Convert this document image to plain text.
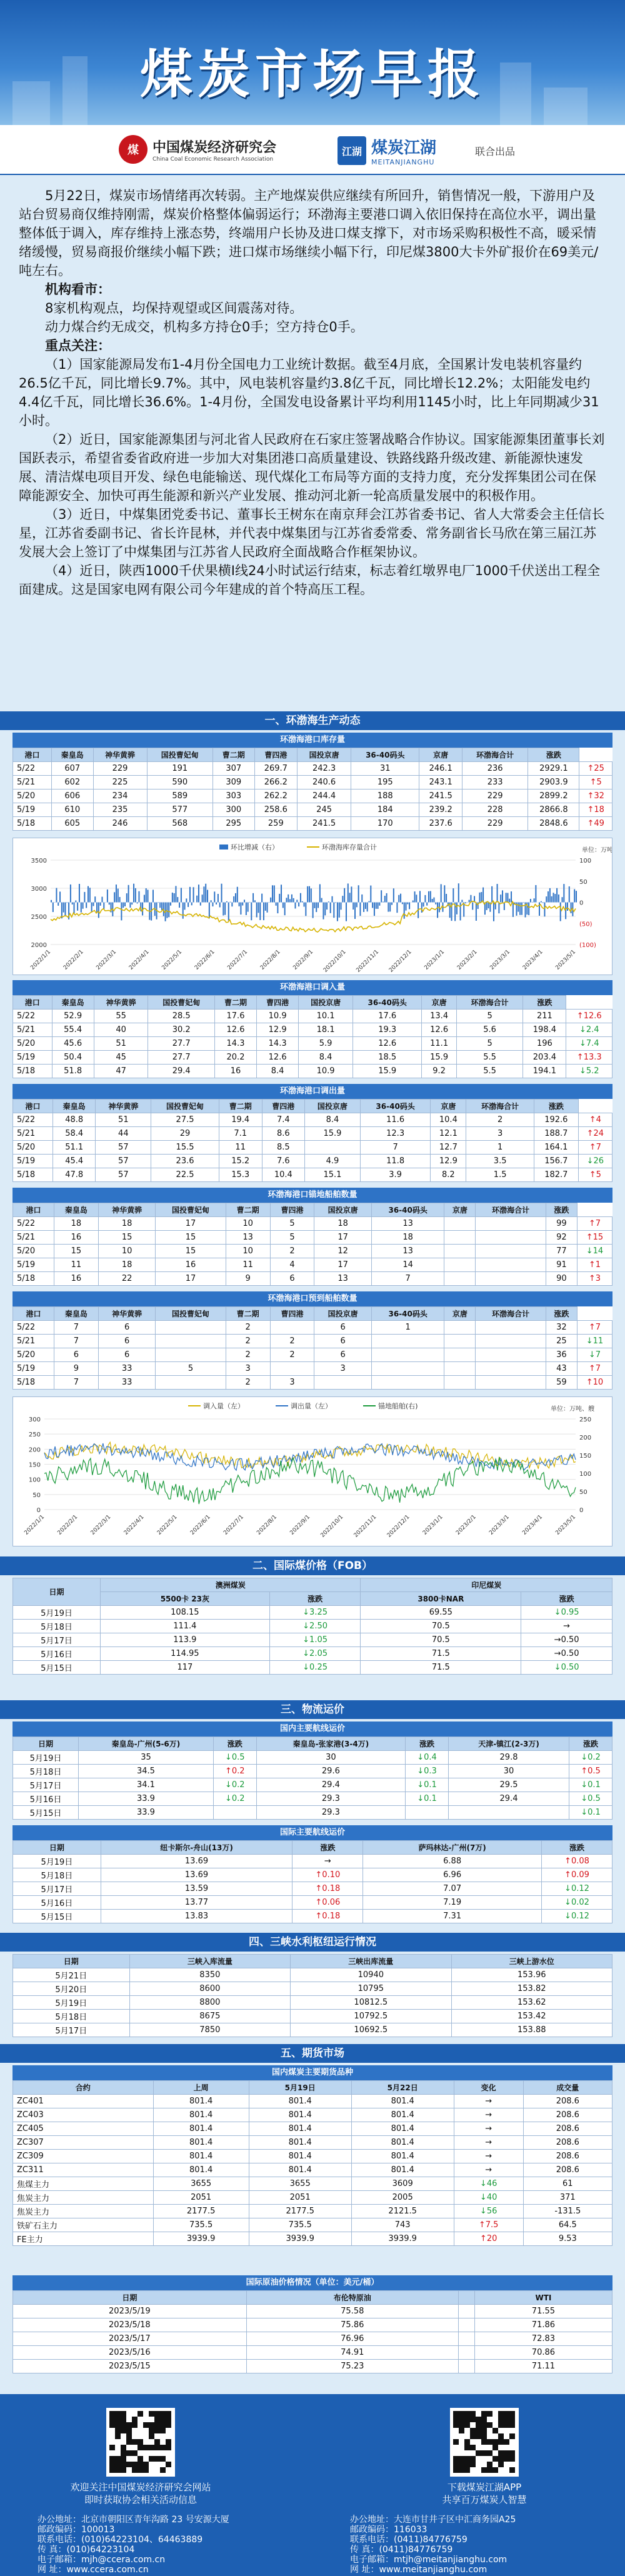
煤炭市场早报
煤	中国煤炭经济研究会
China Coal Economic Research Association
江湖 煤炭江湖
MEITANJIANGHU
联合出品

5月22日，煤炭市场情绪再次转弱。主产地煤炭供应继续有所回升，销售情况一般，下游用户及站台贸易商仅维持刚需，煤炭价格整体偏弱运行；环渤海主要港口调入依旧保持在高位水平，调出量整体低于调入，库存维持上涨态势，终端用户长协及进口煤支撑下，对市场采购积极性不高，暖采情绪缓慢，贸易商报价继续小幅下跌；进口煤市场继续小幅下行，印尼煤3800大卡外矿报价在69美元/吨左右。

机构看市：

8家机构观点，均保持观望或区间震荡对待。

动力煤合约无成交，机构多方持仓0手；空方持仓0手。

重点关注：

（1）国家能源局发布1-4月份全国电力工业统计数据。截至4月底，全国累计发电装机容量约26.5亿千瓦，同比增长9.7%。其中，风电装机容量约3.8亿千瓦，同比增长12.2%；太阳能发电约4.4亿千瓦，同比增长36.6%。1-4月份，全国发电设备累计平均利用1145小时，比上年同期减少31小时。

（2）近日，国家能源集团与河北省人民政府在石家庄签署战略合作协议。国家能源集团董事长刘国跃表示，希望省委省政府进一步加大对集团港口高质量建设、铁路线路升级改建、新能源快速发展、清洁煤电项目开发、绿色电能输送、现代煤化工布局等方面的支持力度，充分发挥集团公司在保障能源安全、加快可再生能源和新兴产业发展、推动河北新一轮高质量发展中的积极作用。

（3）近日，中煤集团党委书记、董事长王树东在南京拜会江苏省委书记、省人大常委会主任信长星，江苏省委副书记、省长许昆林，并代表中煤集团与江苏省委常委、常务副省长马欣在第三届江苏发展大会上签订了中煤集团与江苏省人民政府全面战略合作框架协议。

（4）近日，陕西1000千伏果横Ⅰ线24小时试运行结束，标志着红墩界电厂1000千伏送出工程全面建成。这是国家电网有限公司今年建成的首个特高压工程。

一、环渤海生产动态
环渤海港口库存量
港口	秦皇岛	神华黄骅	国投曹妃甸	曹二期	曹四港	国投京唐	36-40码头	京唐	环渤海合计	涨跌	
5/22	607	229	191	307	269.7	242.3	31	246.1	236	2929.1	↑25
5/21	602	225	590	309	266.2	240.6	195	243.1	233	2903.9	↑5
5/20	606	234	589	303	262.2	244.4	188	241.5	229	2899.2	↑32
5/19	610	235	577	300	258.6	245	184	239.2	228	2866.8	↑18
5/18	605	246	568	295	259	241.5	170	237.6	229	2848.6	↑49
环比增减（右）	环渤海库存量合计	单位：万吨
3500
3000
2500
2000
100
50
0
(50)
(100)
2022/1/1 2022/2/1 2022/3/1 2022/4/1 2022/5/1 2022/6/1 2022/7/1 2022/8/1 2022/9/1 2022/10/1 2022/11/1 2022/12/1 2023/1/1 2023/2/1 2023/3/1 2023/4/1 2023/5/1
环渤海港口调入量
港口	秦皇岛	神华黄骅	国投曹妃甸	曹二期	曹四港	国投京唐	36-40码头	京唐	环渤海合计	涨跌	
5/22	52.9	55	28.5	17.6	10.9	10.1	17.6	13.4	5	211	↑12.6
5/21	55.4	40	30.2	12.6	12.9	18.1	19.3	12.6	5.6	198.4	↓2.4
5/20	45.6	51	27.7	14.3	14.3	5.9	12.6	11.1	5	196	↓7.4
5/19	50.4	45	27.7	20.2	12.6	8.4	18.5	15.9	5.5	203.4	↑13.3
5/18	51.8	47	29.4	16	8.4	10.9	15.9	9.2	5.5	194.1	↓5.2
环渤海港口调出量
港口	秦皇岛	神华黄骅	国投曹妃甸	曹二期	曹四港	国投京唐	36-40码头	京唐	环渤海合计	涨跌	
5/22	48.8	51	27.5	19.4	7.4	8.4	11.6	10.4	2	192.6	↑4
5/21	58.4	44	29	7.1	8.6	15.9	12.3	12.1	3	188.7	↑24
5/20	51.1	57	15.5	11	8.5		7	12.7	1	164.1	↑7
5/19	45.4	57	23.6	15.2	7.6	4.9	11.8	12.9	3.5	156.7	↓26
5/18	47.8	57	22.5	15.3	10.4	15.1	3.9	8.2	1.5	182.7	↑5
环渤海港口锚地船舶数量
港口	秦皇岛	神华黄骅	国投曹妃甸	曹二期	曹四港	国投京唐	36-40码头	京唐	环渤海合计	涨跌	
5/22	18	18	17	10	5	18	13			99	↑7
5/21	16	15	15	13	5	17	18			92	↑15
5/20	15	10	15	10	2	12	13			77	↓14
5/19	11	18	16	11	4	17	14			91	↑1
5/18	16	22	17	9	6	13	7			90	↑3
环渤海港口预到船舶数量
港口	秦皇岛	神华黄骅	国投曹妃甸	曹二期	曹四港	国投京唐	36-40码头	京唐	环渤海合计	涨跌	
5/22	7	6		2		6	1			32	↑7
5/21	7	6		2	2	6				25	↓11
5/20	6	6		2	2	6				36	↓7
5/19	9	33	5	3		3				43	↑7
5/18	7	33		2	3					59	↑10
调入量（左）	调出量（左）	锚地船舶(右)	单位：万吨、艘
300
250
200
150
100
50
0
250
200
150
100
50
0
2022/1/1 2022/2/1 2022/3/1 2022/4/1 2022/5/1 2022/6/1 2022/7/1 2022/8/1 2022/9/1 2022/10/1 2022/11/1 2022/12/1 2023/1/1 2023/2/1 2023/3/1 2023/4/1 2023/5/1
二、国际煤价格（FOB）
日期	澳洲煤炭		印尼煤炭	
	5500卡 23灰	涨跌	3800卡NAR	涨跌
5月19日	108.15	↓3.25	69.55	↓0.95
5月18日	111.4	↓2.50	70.5	→
5月17日	113.9	↓1.05	70.5	→0.50
5月16日	114.95	↓2.05	71.5	→0.50
5月15日	117	↓0.25	71.5	↓0.50
三、物流运价
国内主要航线运价
日期	秦皇岛-广州(5-6万)	涨跌	秦皇岛-张家港(3-4万)	涨跌	天津-镇江(2-3万)	涨跌
5月19日	35	↓0.5	30	↓0.4	29.8	↓0.2
5月18日	34.5	↑0.2	29.6	↓0.3	30	↑0.5
5月17日	34.1	↓0.2	29.4	↓0.1	29.5	↓0.1
5月16日	33.9	↓0.2	29.3	↓0.1	29.4	↓0.5
5月15日	33.9		29.3			↓0.1
国际主要航线运价
日期	纽卡斯尔-舟山(13万)	涨跌	萨玛林达-广州(7万)	涨跌
5月19日	13.69	→	6.88	↑0.08
5月18日	13.69	↑0.10	6.96	↑0.09
5月17日	13.59	↑0.18	7.07	↓0.12
5月16日	13.77	↑0.06	7.19	↓0.02
5月15日	13.83	↑0.18	7.31	↓0.12
四、三峡水利枢纽运行情况
日期	三峡入库流量	三峡出库流量	三峡上游水位
5月21日	8350	10940	153.96
5月20日	8600	10795	153.82
5月19日	8800	10812.5	153.62
5月18日	8675	10792.5	153.42
5月17日	7850	10692.5	153.88
五、期货市场
国内煤炭主要期货品种
合约	上周	5月19日	5月22日	变化	成交量
ZC401	801.4	801.4	801.4	→	208.6
ZC403	801.4	801.4	801.4	→	208.6
ZC405	801.4	801.4	801.4	→	208.6
ZC307	801.4	801.4	801.4	→	208.6
ZC309	801.4	801.4	801.4	→	208.6
ZC311	801.4	801.4	801.4	→	208.6
焦煤主力	3655	3655	3609	↓46	61
焦炭主力	2051	2051	2005	↓40	371
焦炭主力	2177.5	2177.5	2121.5	↓56	-131.5
铁矿石主力	735.5	735.5	743	↑7.5	64.5
FE主力	3939.9	3939.9	3939.9	↑20	9.53
国际原油价格情况（单位：美元/桶）
日期	布伦特原油		WTI
2023/5/19	75.58		71.55
2023/5/18	75.86		71.86
2023/5/17	76.96		72.83
2023/5/16	74.91		70.86
2023/5/15	75.23		71.11
欢迎关注中国煤炭经济研究会网站
即时获取协会相关活动信息
下载煤炭江湖APP
共享百万煤炭人智慧
办公地址：北京市朝阳区青年沟路 23 号安源大厦
邮政编码：100013
联系电话：(010)64223104、64463889
传 真：(010)64223104
电子邮箱：mjh@ccera.com.cn
网 址：www.ccera.com.cn
办公地址：大连市甘井子区中汇商务园A25
邮政编码：116033
联系电话：(0411)84776759
传 真：(0411)84776759
电子邮箱：mtjh@meitanjianghu.com
网 址：www.meitanjianghu.com
